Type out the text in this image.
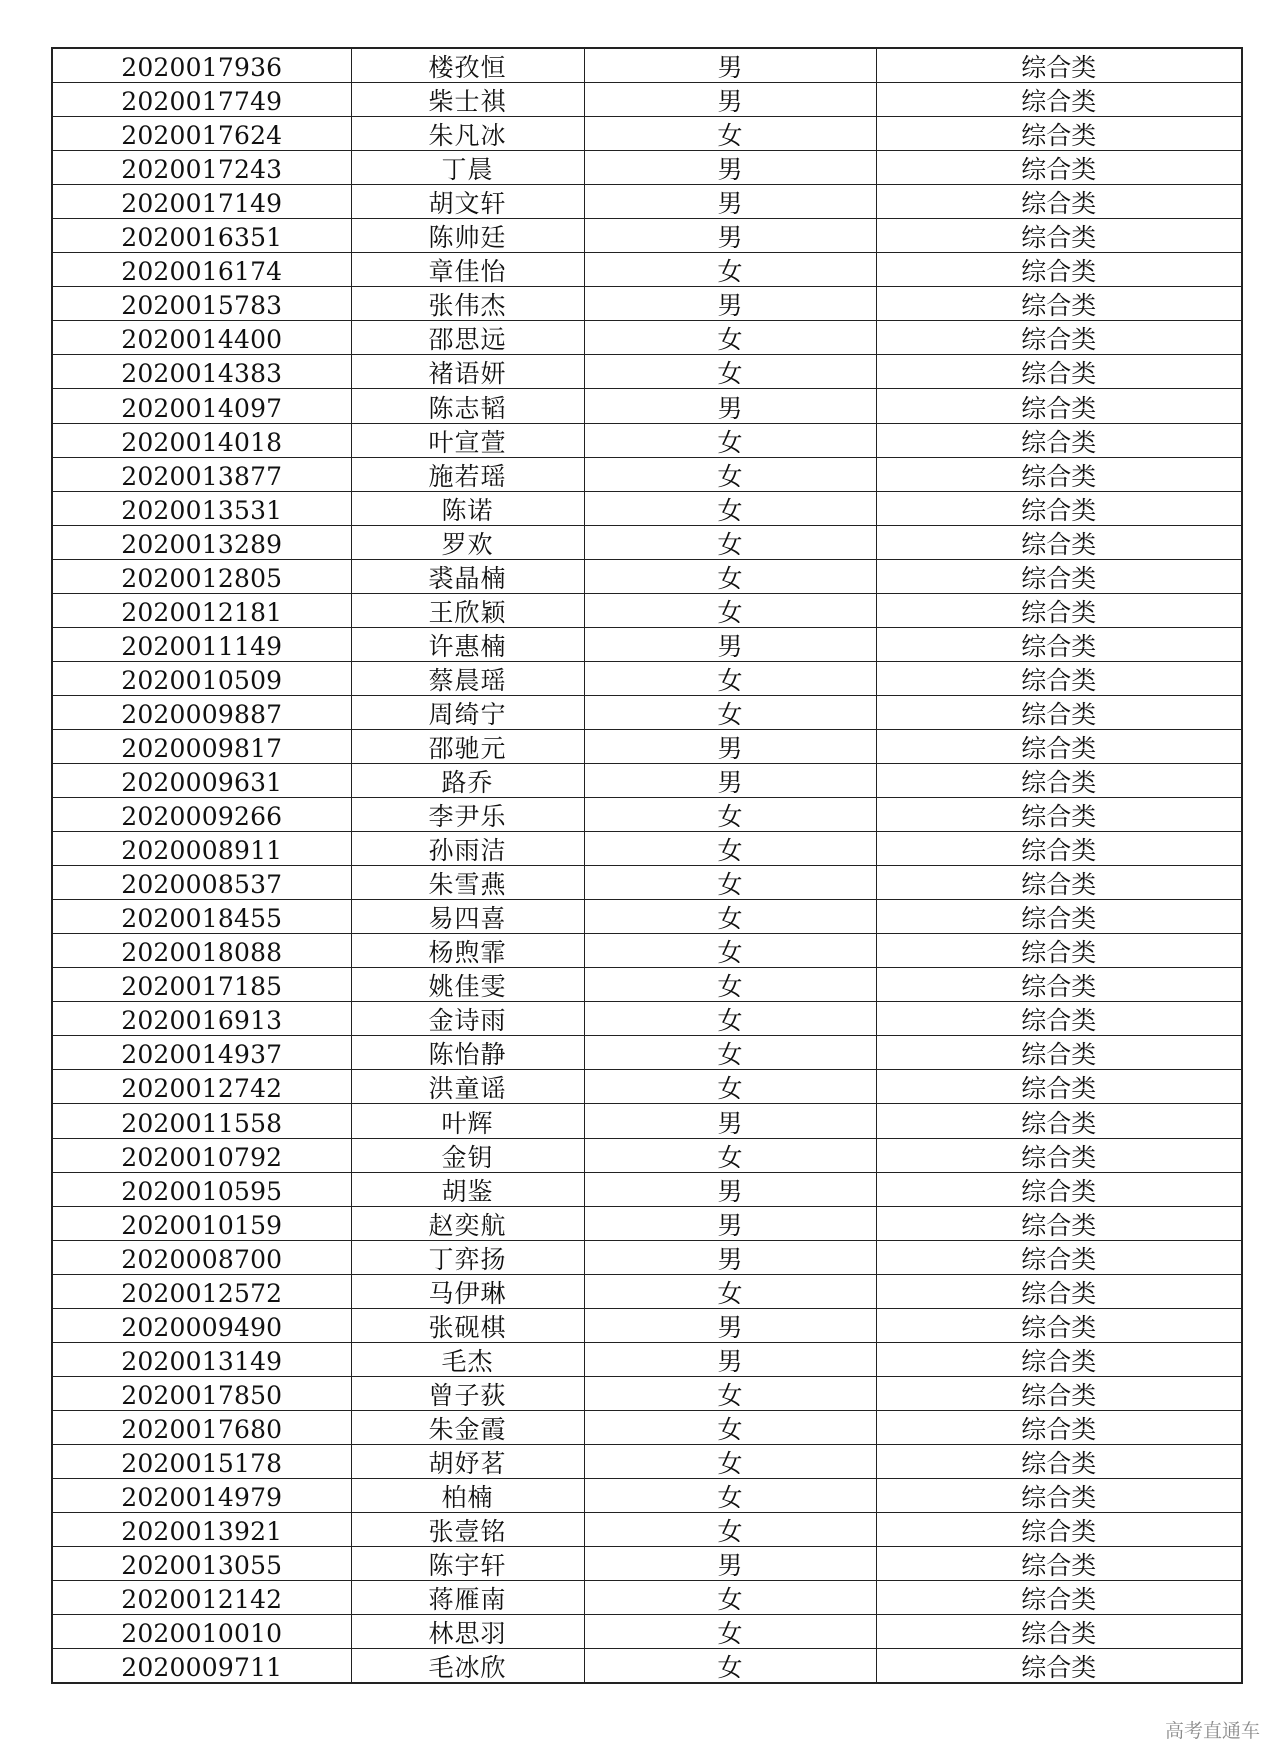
2020017936	楼孜恒	男	综合类
2020017749	柴士祺	男	综合类
2020017624	朱凡冰	女	综合类
2020017243	丁晨	男	综合类
2020017149	胡文轩	男	综合类
2020016351	陈帅廷	男	综合类
2020016174	章佳怡	女	综合类
2020015783	张伟杰	男	综合类
2020014400	邵思远	女	综合类
2020014383	褚语妍	女	综合类
2020014097	陈志韬	男	综合类
2020014018	叶宣萱	女	综合类
2020013877	施若瑶	女	综合类
2020013531	陈诺	女	综合类
2020013289	罗欢	女	综合类
2020012805	裘晶楠	女	综合类
2020012181	王欣颖	女	综合类
2020011149	许惠楠	男	综合类
2020010509	蔡晨瑶	女	综合类
2020009887	周绮宁	女	综合类
2020009817	邵驰元	男	综合类
2020009631	路乔	男	综合类
2020009266	李尹乐	女	综合类
2020008911	孙雨洁	女	综合类
2020008537	朱雪燕	女	综合类
2020018455	易四喜	女	综合类
2020018088	杨煦霏	女	综合类
2020017185	姚佳雯	女	综合类
2020016913	金诗雨	女	综合类
2020014937	陈怡静	女	综合类
2020012742	洪童谣	女	综合类
2020011558	叶辉	男	综合类
2020010792	金钥	女	综合类
2020010595	胡鉴	男	综合类
2020010159	赵奕航	男	综合类
2020008700	丁弈扬	男	综合类
2020012572	马伊琳	女	综合类
2020009490	张砚棋	男	综合类
2020013149	毛杰	男	综合类
2020017850	曾子荻	女	综合类
2020017680	朱金霞	女	综合类
2020015178	胡妤茗	女	综合类
2020014979	柏楠	女	综合类
2020013921	张壹铭	女	综合类
2020013055	陈宇轩	男	综合类
2020012142	蒋雁南	女	综合类
2020010010	林思羽	女	综合类
2020009711	毛冰欣	女	综合类
高考直通车
